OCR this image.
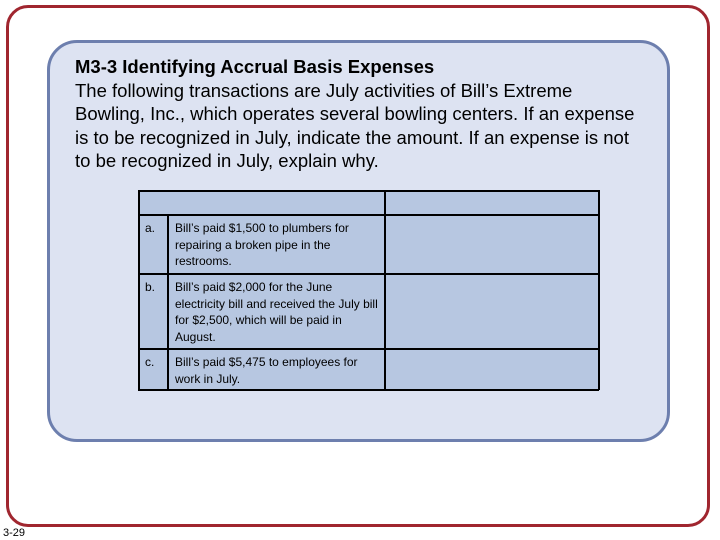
M3-3 Identifying Accrual Basis Expenses
The following transactions are July activities of Bill’s Extreme Bowling, Inc., which operates several bowling centers. If an expense is to be recognized in July, indicate the amount. If an expense is not to be recognized in July, explain why.
a. Bill’s paid $1,500 to plumbers for repairing a broken pipe in the restrooms.
b. Bill’s paid $2,000 for the June electricity bill and received the July bill for $2,500, which will be paid in August.
c. Bill’s paid $5,475 to employees for work in July.
3-29
